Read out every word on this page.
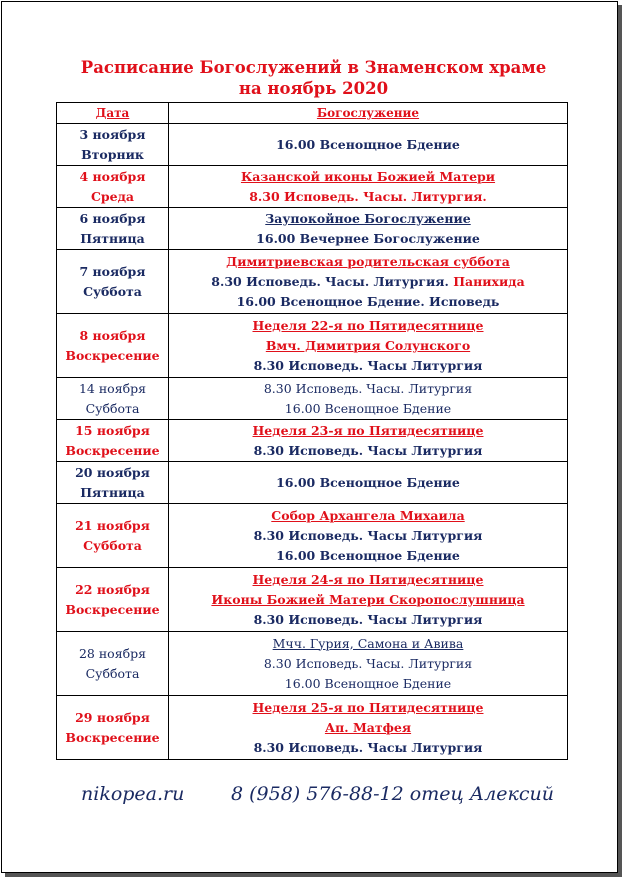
Расписание Богослужений в Знаменском храме
на ноябрь 2020
Дата	Богослужение

3 ноября
Вторник	16.00 Всенощное Бдение

4 ноября
Среда	Казанской иконы Божией Матери
8.30 Исповедь. Часы. Литургия.

6 ноября
Пятница	Заупокойное Богослужение
16.00 Вечернее Богослужение

7 ноября
Суббота	Димитриевская родительская суббота
8.30 Исповедь. Часы. Литургия. Панихида
16.00 Всенощное Бдение. Исповедь

8 ноября
Воскресение	Неделя 22-я по Пятидесятнице
Вмч. Димитрия Солунского
8.30 Исповедь. Часы Литургия

14 ноября
Суббота	8.30 Исповедь. Часы. Литургия
16.00 Всенощное Бдение

15 ноября
Воскресение	Неделя 23-я по Пятидесятнице
8.30 Исповедь. Часы Литургия

20 ноября
Пятница	16.00 Всенощное Бдение

21 ноября
Суббота	Собор Архангела Михаила
8.30 Исповедь. Часы Литургия
16.00 Всенощное Бдение

22 ноября
Воскресение	Неделя 24-я по Пятидесятнице
Иконы Божией Матери Скоропослушница
8.30 Исповедь. Часы Литургия

28 ноября
Суббота	Мчч. Гурия, Самона и Авива
8.30 Исповедь. Часы. Литургия
16.00 Всенощное Бдение

29 ноября
Воскресение	Неделя 25-я по Пятидесятнице
Ап. Матфея
8.30 Исповедь. Часы Литургия
nikopea.ru 8 (958) 576-88-12 отец Алексий
